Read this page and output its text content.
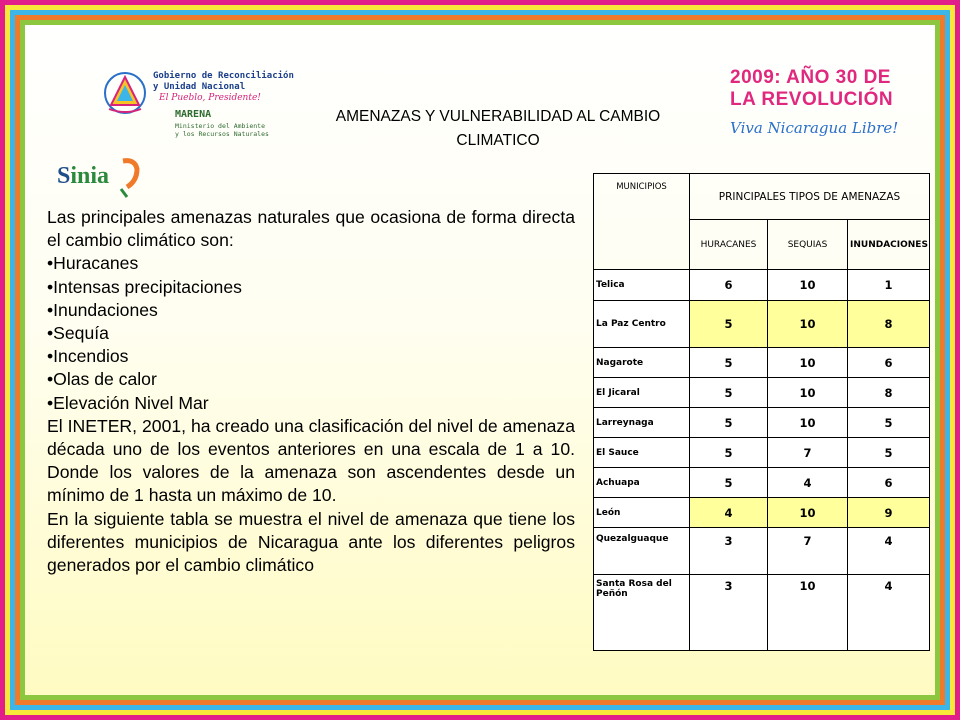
Gobierno de Reconciliación
y Unidad Nacional
El Pueblo, Presidente!
MARENA
Ministerio del Ambiente
y los Recursos Naturales
2009: AÑO 30 DE
LA REVOLUCIÓN
Viva Nicaragua Libre!
Sinia
AMENAZAS Y VULNERABILIDAD AL CAMBIO
CLIMATICO

Las principales amenazas naturales que ocasiona de forma directa el cambio climático son:

•Huracanes

•Intensas precipitaciones

•Inundaciones

•Sequía

•Incendios

•Olas de calor

•Elevación Nivel Mar

El INETER, 2001, ha creado una clasificación del nivel de amenaza década uno de los eventos anteriores en una escala de 1 a 10. Donde los valores de la amenaza son ascendentes desde un mínimo de 1 hasta un máximo de 10.

En la siguiente tabla se muestra el nivel de amenaza que tiene los diferentes municipios de Nicaragua ante los diferentes peligros generados por el cambio climático

MUNICIPIOS	PRINCIPALES TIPOS DE AMENAZAS		
	HURACANES	SEQUIAS	INUNDACIONES
Telica	6	10	1
La Paz Centro	5	10	8
Nagarote	5	10	6
El Jicaral	5	10	8
Larreynaga	5	10	5
El Sauce	5	7	5
Achuapa	5	4	6
León	4	10	9
Quezalguaque	3	7	4
Santa Rosa del Peñón	3	10	4
